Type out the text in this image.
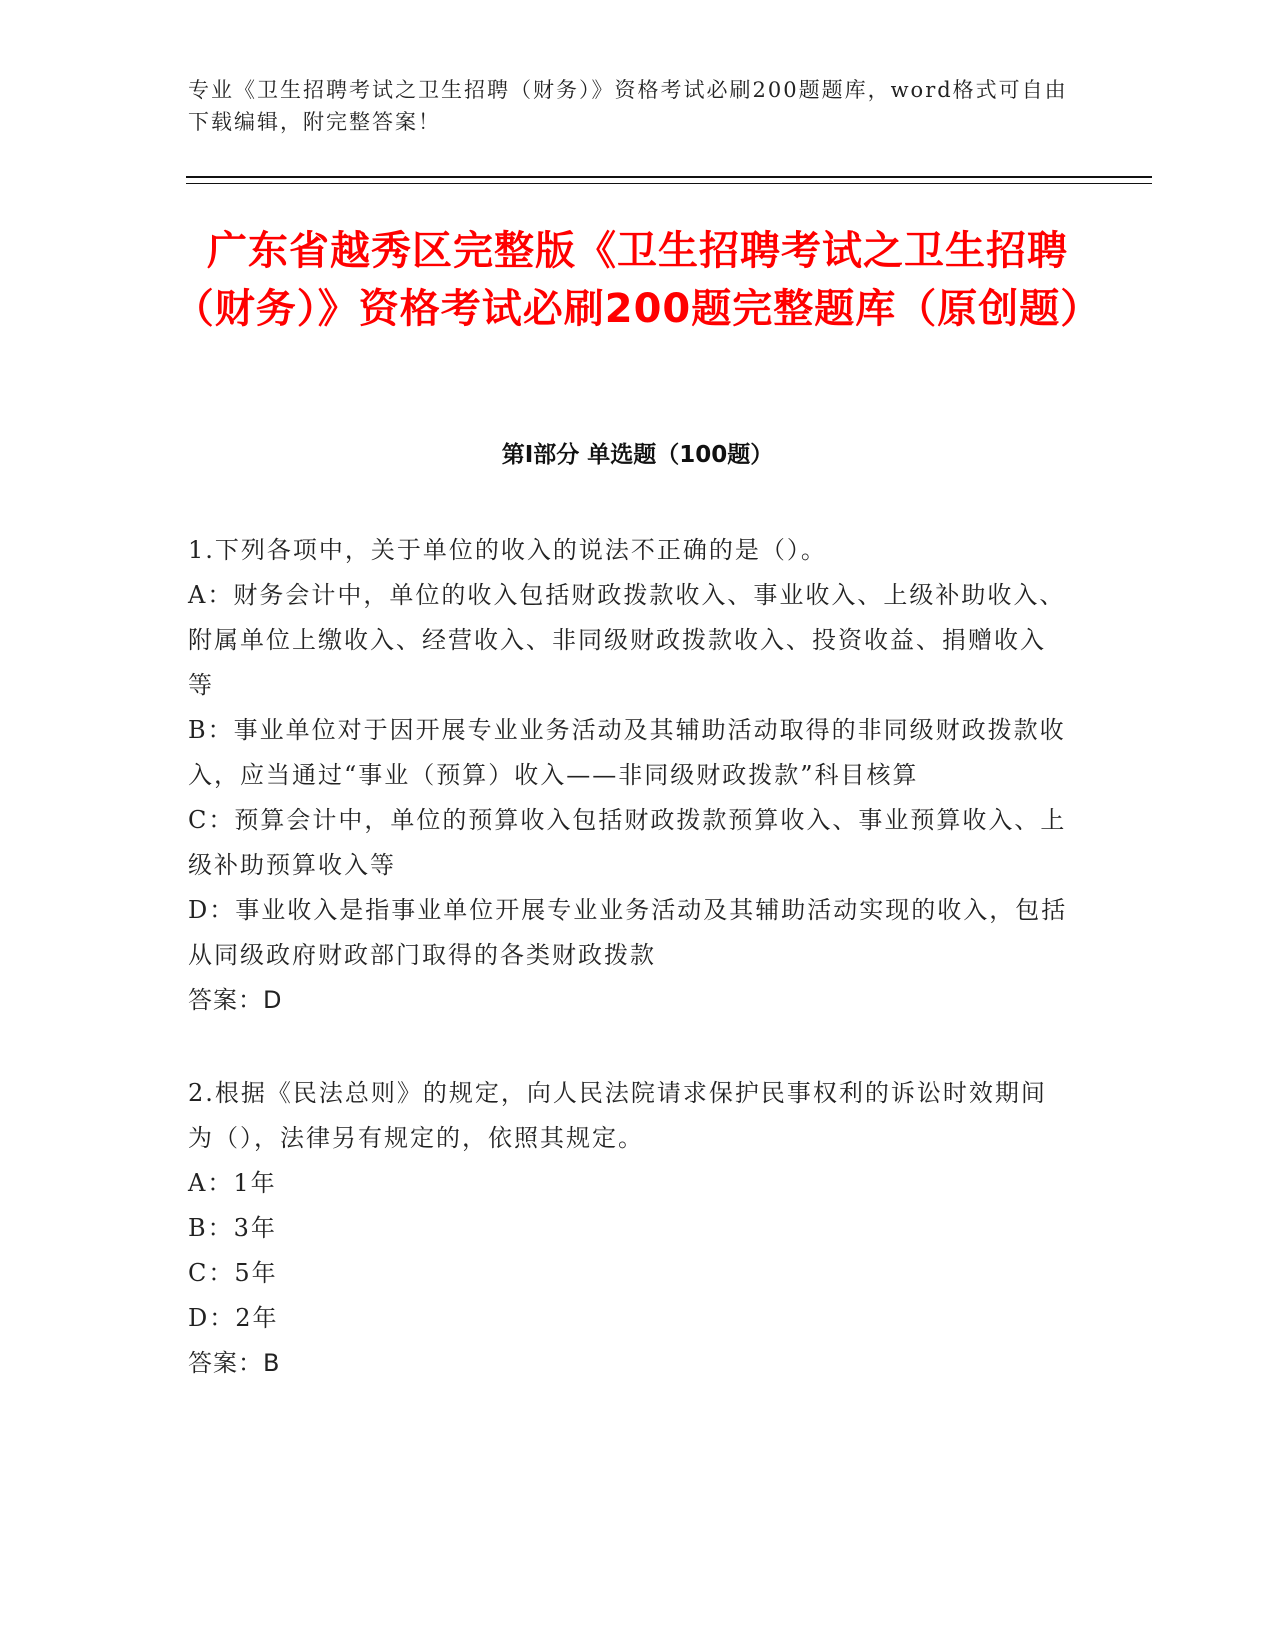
专业《卫生招聘考试之卫生招聘（财务）》资格考试必刷200题题库，word格式可自由下载编辑，附完整答案！
广东省越秀区完整版《卫生招聘考试之卫生招聘（财务）》资格考试必刷200题完整题库（原创题）
第Ⅰ部分 单选题（100题）
1.下列各项中，关于单位的收入的说法不正确的是（）。
A：财务会计中，单位的收入包括财政拨款收入、事业收入、上级补助收入、附属单位上缴收入、经营收入、非同级财政拨款收入、投资收益、捐赠收入等
B：事业单位对于因开展专业业务活动及其辅助活动取得的非同级财政拨款收入，应当通过“事业（预算）收入——非同级财政拨款”科目核算
C：预算会计中，单位的预算收入包括财政拨款预算收入、事业预算收入、上级补助预算收入等
D：事业收入是指事业单位开展专业业务活动及其辅助活动实现的收入，包括从同级政府财政部门取得的各类财政拨款
答案：D
2.根据《民法总则》的规定，向人民法院请求保护民事权利的诉讼时效期间为（），法律另有规定的，依照其规定。
A：1年
B：3年
C：5年
D：2年
答案：B
